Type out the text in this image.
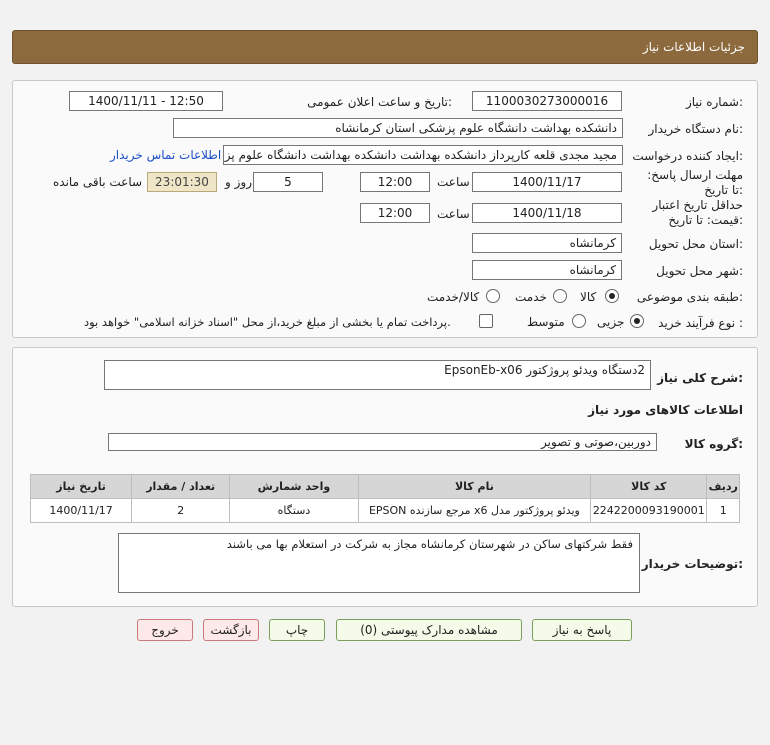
جزئیات اطلاعات نیاز
شماره نیاز:
1100030273000016
تاریخ و ساعت اعلان عمومی:
1400/11/11 - 12:50
نام دستگاه خریدار:
دانشکده بهداشت دانشگاه علوم پزشکی استان کرمانشاه
ایجاد کننده درخواست:
مجید مجدی قلعه کارپرداز دانشکده بهداشت دانشکده بهداشت دانشگاه علوم پز
اطلاعات تماس خریدار
مهلت ارسال پاسخ: تا تاریخ:
1400/11/17
ساعت
12:00
5
روز و
23:01:30
ساعت باقی مانده
حداقل تاریخ اعتبار قیمت: تا تاریخ:
1400/11/18
ساعت
12:00
استان محل تحویل:
کرمانشاه
شهر محل تحویل:
کرمانشاه
طبقه بندی موضوعی:
کالا
خدمت
کالا/خدمت
نوع فرآیند خرید :
جزیی
متوسط
پرداخت تمام یا بخشی از مبلغ خرید،از محل "اسناد خزانه اسلامی" خواهد بود.
شرح کلی نیاز:
2دستگاه ویدئو پروژکتور EpsonEb-x06
اطلاعات کالاهای مورد نیاز
گروه کالا:
دوربین،صوتی و تصویر
ردیف	کد کالا	نام کالا	واحد شمارش	تعداد / مقدار	تاریخ نیاز
1	2242200093190001	ویدئو پروژکتور مدل x6 مرجع سازنده EPSON	دستگاه	2	1400/11/17
توضیحات خریدار:
فقط شرکتهای ساکن در شهرستان کرمانشاه مجاز به شرکت در استعلام بها می باشند
پاسخ به نیاز
مشاهده مدارک پیوستی (0)
چاپ
بازگشت
خروج
